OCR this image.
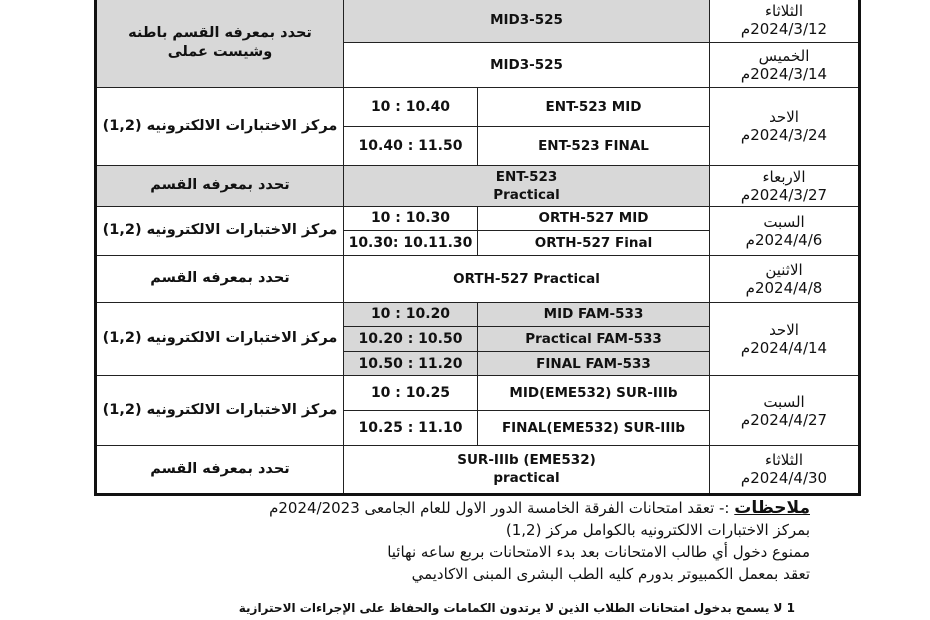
الثلاثاء
2024/3/12م	MID3-525		تحدد بمعرفه القسم باطنه وشيست عملى

الخميس
2024/3/14م	MID3-525		

الاحد
2024/3/24م	ENT-523 MID	10 : 10.40	مركز الاختبارات الالكترونيه (1,2)
	ENT-523 FINAL	10.40 : 11.50	

الاربعاء
2024/3/27م	ENT-523
Practical		تحدد بمعرفه القسم

السبت
2024/4/6م	ORTH-527 MID	10 : 10.30	مركز الاختبارات الالكترونيه (1,2)
	ORTH-527 Final	10.30: 10.11.30	

الاثنين
2024/4/8م	ORTH-527 Practical		تحدد بمعرفه القسم

الاحد
2024/4/14م	MID FAM-533	10 : 10.20	مركز الاختبارات الالكترونيه (1,2)
	Practical FAM-533	10.20 : 10.50	
	FINAL FAM-533	10.50 : 11.20	

السبت
2024/4/27م	MID(EME532) SUR-IIIb	10 : 10.25	مركز الاختبارات الالكترونيه (1,2)
	FINAL(EME532) SUR-IIIb	10.25 : 11.10	

الثلاثاء
2024/4/30م	(EME532) SUR-IIIb
practical		تحدد بمعرفه القسم
ملاحظات :- تعقد امتحانات الفرقة الخامسة الدور الاول للعام الجامعى 2024/2023م
بمركز الاختبارات الالكترونيه بالكوامل مركز (1,2)
ممنوع دخول أي طالب الامتحانات بعد بدء الامتحانات بربع ساعه نهائيا
تعقد بمعمل الكمبيوتر بدورم كليه الطب البشرى المبنى الاكاديمي
1 لا يسمح بدخول امتحانات الطلاب الذين لا يرتدون الكمامات والحفاظ على الإجراءات الاحترازية
